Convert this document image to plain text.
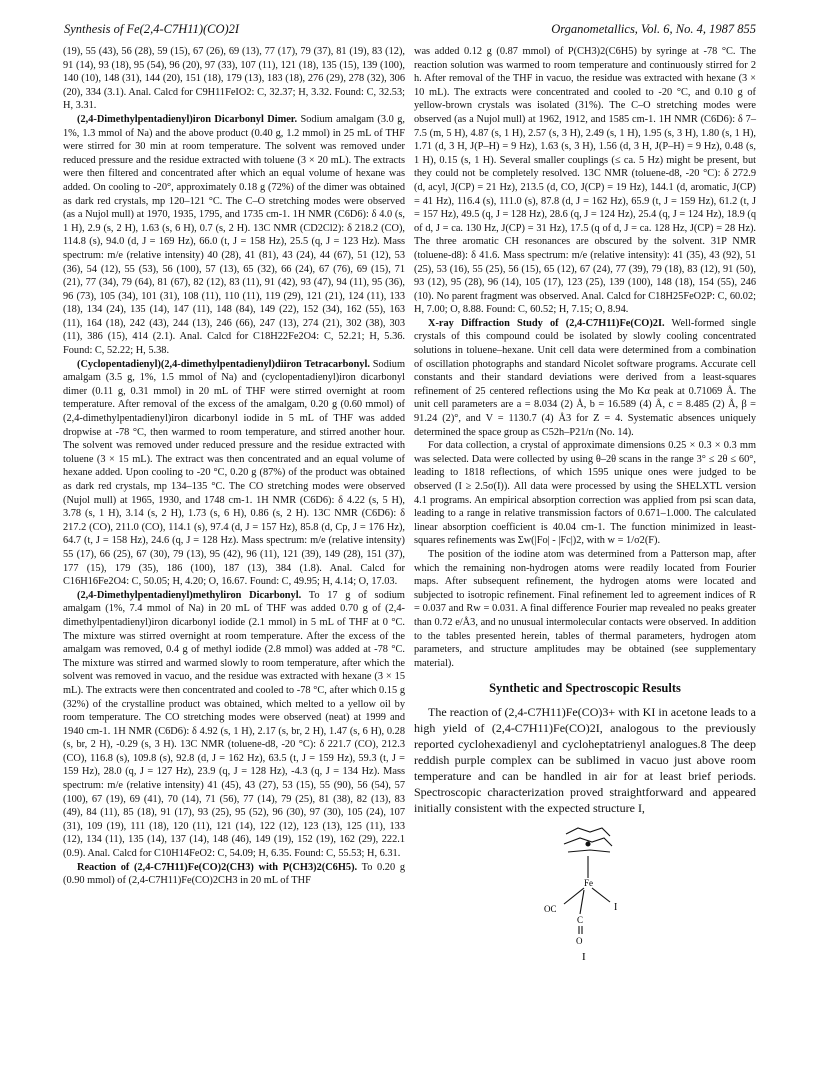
Synthesis of Fe(2,4-C7H11)(CO)2I	Organometallics, Vol. 6, No. 4, 1987 855

(19), 55 (43), 56 (28), 59 (15), 67 (26), 69 (13), 77 (17), 79 (37), 81 (19), 83 (12), 91 (14), 93 (18), 95 (54), 96 (20), 97 (33), 107 (11), 121 (18), 135 (15), 139 (100), 140 (10), 148 (31), 144 (20), 151 (18), 179 (13), 183 (18), 276 (29), 278 (32), 306 (20), 334 (3.1). Anal. Calcd for C9H11FeIO2: C, 32.37; H, 3.32. Found: C, 32.53; H, 3.31.

(2,4-Dimethylpentadienyl)iron Dicarbonyl Dimer. Sodium amalgam (3.0 g, 1%, 1.3 mmol of Na) and the above product (0.40 g, 1.2 mmol) in 25 mL of THF were stirred for 30 min at room temperature. The solvent was removed under reduced pressure and the residue extracted with toluene (3 × 20 mL). The extracts were then filtered and concentrated after which an equal volume of hexane was added. On cooling to -20°, approximately 0.18 g (72%) of the dimer was obtained as dark red crystals, mp 120–121 °C. The C–O stretching modes were observed (as a Nujol mull) at 1970, 1935, 1795, and 1735 cm-1. 1H NMR (C6D6): δ 4.0 (s, 1 H), 2.9 (s, 2 H), 1.63 (s, 6 H), 0.7 (s, 2 H). 13C NMR (CD2Cl2): δ 218.2 (CO), 114.8 (s), 94.0 (d, J = 169 Hz), 66.0 (t, J = 158 Hz), 25.5 (q, J = 123 Hz). Mass spectrum: m/e (relative intensity) 40 (28), 41 (81), 43 (24), 44 (67), 51 (12), 53 (36), 54 (12), 55 (53), 56 (100), 57 (13), 65 (32), 66 (24), 67 (76), 69 (15), 71 (21), 77 (34), 79 (64), 81 (67), 82 (12), 83 (11), 91 (42), 93 (47), 94 (11), 95 (36), 96 (73), 105 (34), 101 (31), 108 (11), 110 (11), 119 (29), 121 (21), 124 (11), 133 (18), 134 (24), 135 (14), 147 (11), 148 (84), 149 (22), 152 (34), 162 (55), 163 (11), 164 (18), 242 (43), 244 (13), 246 (66), 247 (13), 274 (21), 302 (38), 303 (11), 386 (15), 414 (2.1). Anal. Calcd for C18H22Fe2O4: C, 52.21; H, 5.36. Found: C, 52.22; H, 5.38.

(Cyclopentadienyl)(2,4-dimethylpentadienyl)diiron Tetracarbonyl. Sodium amalgam (3.5 g, 1%, 1.5 mmol of Na) and (cyclopentadienyl)iron dicarbonyl dimer (0.11 g, 0.31 mmol) in 20 mL of THF were stirred overnight at room temperature. After removal of the excess of the amalgam, 0.20 g (0.60 mmol) of (2,4-dimethylpentadienyl)iron dicarbonyl iodide in 5 mL of THF was added dropwise at -78 °C, then warmed to room temperature, and stirred another hour. The solvent was removed under reduced pressure and the residue extracted with toluene (3 × 15 mL). The extract was then concentrated and an equal volume of hexane added. Upon cooling to -20 °C, 0.20 g (87%) of the product was obtained as dark red crystals, mp 134–135 °C. The CO stretching modes were observed (Nujol mull) at 1965, 1930, and 1748 cm-1. 1H NMR (C6D6): δ 4.22 (s, 5 H), 3.78 (s, 1 H), 3.14 (s, 2 H), 1.73 (s, 6 H), 0.86 (s, 2 H). 13C NMR (C6D6): δ 217.2 (CO), 211.0 (CO), 114.1 (s), 97.4 (d, J = 157 Hz), 85.8 (d, Cp, J = 176 Hz), 64.7 (t, J = 158 Hz), 24.6 (q, J = 128 Hz). Mass spectrum: m/e (relative intensity) 55 (17), 66 (25), 67 (30), 79 (13), 95 (42), 96 (11), 121 (39), 149 (28), 151 (37), 177 (15), 179 (35), 186 (100), 187 (13), 384 (1.8). Anal. Calcd for C16H16Fe2O4: C, 50.05; H, 4.20; O, 16.67. Found: C, 49.95; H, 4.14; O, 17.03.

(2,4-Dimethylpentadienyl)methyliron Dicarbonyl. To 17 g of sodium amalgam (1%, 7.4 mmol of Na) in 20 mL of THF was added 0.70 g of (2,4-dimethylpentadienyl)iron dicarbonyl iodide (2.1 mmol) in 5 mL of THF at 0 °C. The mixture was stirred overnight at room temperature. After the excess of the amalgam was removed, 0.4 g of methyl iodide (2.8 mmol) was added at -78 °C. The mixture was stirred and warmed slowly to room temperature, after which the solvent was removed in vacuo, and the residue was extracted with hexane (3 × 15 mL). The extracts were then concentrated and cooled to -78 °C, after which 0.15 g (32%) of the crystalline product was obtained, which melted to a yellow oil by room temperature. The CO stretching modes were observed (neat) at 1999 and 1940 cm-1. 1H NMR (C6D6): δ 4.92 (s, 1 H), 2.17 (s, br, 2 H), 1.47 (s, 6 H), 0.28 (s, br, 2 H), -0.29 (s, 3 H). 13C NMR (toluene-d8, -20 °C): δ 221.7 (CO), 212.3 (CO), 116.8 (s), 109.8 (s), 92.8 (d, J = 162 Hz), 63.5 (t, J = 159 Hz), 59.3 (t, J = 159 Hz), 28.0 (q, J = 127 Hz), 23.9 (q, J = 128 Hz), -4.3 (q, J = 134 Hz). Mass spectrum: m/e (relative intensity) 41 (45), 43 (27), 53 (15), 55 (90), 56 (54), 57 (100), 67 (19), 69 (41), 70 (14), 71 (56), 77 (14), 79 (25), 81 (38), 82 (13), 83 (49), 84 (11), 85 (18), 91 (17), 93 (25), 95 (52), 96 (30), 97 (30), 105 (24), 107 (31), 109 (19), 111 (18), 120 (11), 121 (14), 122 (12), 123 (13), 125 (11), 133 (12), 134 (11), 135 (14), 137 (14), 148 (46), 149 (19), 152 (19), 162 (29), 222.1 (0.9). Anal. Calcd for C10H14FeO2: C, 54.09; H, 6.35. Found: C, 55.53; H, 6.31.

Reaction of (2,4-C7H11)Fe(CO)2(CH3) with P(CH3)2(C6H5). To 0.20 g (0.90 mmol) of (2,4-C7H11)Fe(CO)2CH3 in 20 mL of THF

was added 0.12 g (0.87 mmol) of P(CH3)2(C6H5) by syringe at -78 °C. The reaction solution was warmed to room temperature and continuously stirred for 2 h. After removal of the THF in vacuo, the residue was extracted with hexane (3 × 10 mL). The extracts were concentrated and cooled to -20 °C, and 0.10 g of yellow-brown crystals was isolated (31%). The C–O stretching modes were observed (as a Nujol mull) at 1962, 1912, and 1585 cm-1. 1H NMR (C6D6): δ 7–7.5 (m, 5 H), 4.87 (s, 1 H), 2.57 (s, 3 H), 2.49 (s, 1 H), 1.95 (s, 3 H), 1.80 (s, 1 H), 1.71 (d, 3 H, J(P–H) = 9 Hz), 1.63 (s, 3 H), 1.56 (d, 3 H, J(P–H) = 9 Hz), 0.48 (s, 1 H), 0.15 (s, 1 H). Several smaller couplings (≤ ca. 5 Hz) might be present, but they could not be completely resolved. 13C NMR (toluene-d8, -20 °C): δ 272.9 (d, acyl, J(CP) = 21 Hz), 213.5 (d, CO, J(CP) = 19 Hz), 144.1 (d, aromatic, J(CP) = 41 Hz), 116.4 (s), 111.0 (s), 87.8 (d, J = 162 Hz), 65.9 (t, J = 159 Hz), 61.2 (t, J = 157 Hz), 49.5 (q, J = 128 Hz), 28.6 (q, J = 124 Hz), 25.4 (q, J = 124 Hz), 18.9 (q of d, J = ca. 130 Hz, J(CP) = 31 Hz), 17.5 (q of d, J = ca. 128 Hz, J(CP) = 28 Hz). The three aromatic CH resonances are obscured by the solvent. 31P NMR (toluene-d8): δ 41.6. Mass spectrum: m/e (relative intensity): 41 (35), 43 (92), 51 (25), 53 (16), 55 (25), 56 (15), 65 (12), 67 (24), 77 (39), 79 (18), 83 (12), 91 (50), 93 (12), 95 (28), 96 (14), 105 (17), 123 (25), 139 (100), 148 (18), 154 (55), 246 (10). No parent fragment was observed. Anal. Calcd for C18H25FeO2P: C, 60.02; H, 7.00; O, 8.88. Found: C, 60.52; H, 7.15; O, 8.94.

X-ray Diffraction Study of (2,4-C7H11)Fe(CO)2I. Well-formed single crystals of this compound could be isolated by slowly cooling concentrated solutions in toluene–hexane. Unit cell data were determined from a combination of oscillation photographs and standard Nicolet software programs. Accurate cell constants and their standard deviations were derived from a least-squares refinement of 25 centered reflections using the Mo Kα peak at 0.71069 Å. The unit cell parameters are a = 8.034 (2) Å, b = 16.589 (4) Å, c = 8.485 (2) Å, β = 91.24 (2)°, and V = 1130.7 (4) Å3 for Z = 4. Systematic absences uniquely determined the space group as C52h–P21/n (No. 14).

For data collection, a crystal of approximate dimensions 0.25 × 0.3 × 0.3 mm was selected. Data were collected by using θ–2θ scans in the range 3° ≤ 2θ ≤ 60°, leading to 1818 reflections, of which 1595 unique ones were judged to be observed (I ≥ 2.5σ(I)). All data were processed by using the SHELXTL version 4.1 programs. An empirical absorption correction was applied from psi scan data, leading to a range in relative transmission factors of 0.671–1.000. The calculated linear absorption coefficient is 40.04 cm-1. The function minimized in least-squares refinements was Σw(|Fo| - |Fc|)2, with w = 1/σ2(F).

The position of the iodine atom was determined from a Patterson map, after which the remaining non-hydrogen atoms were readily located from Fourier maps. After subsequent refinement, the hydrogen atoms were located and subjected to isotropic refinement. Final refinement led to agreement indices of R = 0.037 and Rw = 0.031. A final difference Fourier map revealed no peaks greater than 0.72 e/Å3, and no unusual intermolecular contacts were observed. In addition to the tables presented herein, tables of thermal parameters, hydrogen atom parameters, and structure amplitudes may be obtained (see supplementary material).

Synthetic and Spectroscopic Results

The reaction of (2,4-C7H11)Fe(CO)3+ with KI in acetone leads to a high yield of (2,4-C7H11)Fe(CO)2I, analogous to the previously reported cyclohexadienyl and cycloheptatrienyl analogues.8 The deep reddish purple complex can be sublimed in vacuo just above room temperature and can be handled in air for at least brief periods. Spectroscopic characterization proved straightforward and appeared initially consistent with the expected structure I,

Fe
I
OC
C
O
I
